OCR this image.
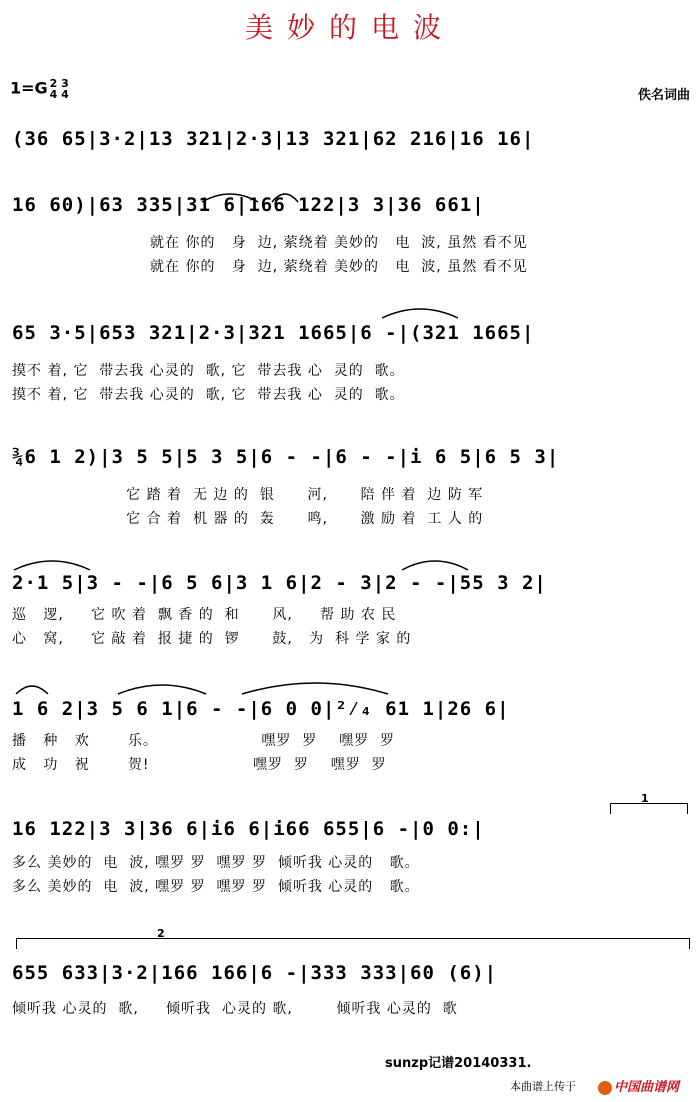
美妙的电波
1=G 2 3
4 4	佚名词曲
(36 65|3·2|13 321|2·3|13 321|62 216|16 16|
16 60)|63 335|31 6|166 122|3 3|36 661|
就在 你的   身  边, 萦绕着 美妙的   电  波, 虽然 看不见
就在 你的   身  边, 萦绕着 美妙的   电  波, 虽然 看不见
65 3·5|653 321|2·3|321 1665|6 -|(321 1665|
摸不 着, 它  带去我 心灵的  歌, 它  带去我 心  灵的  歌。
摸不 着, 它  带去我 心灵的  歌, 它  带去我 心  灵的  歌。
¾6 1 2)|3 5 5|5 3 5|6 - -|6 - -|i 6 5|6 5 3|
它 踏 着  无 边 的  银      河,      陪 伴 着  边 防 军
它 合 着  机 器 的  轰      鸣,      激 励 着  工 人 的
2·1 5|3 - -|6 5 6|3 1 6|2 - 3|2 - -|55 3 2|
巡   逻,     它 吹 着  飘 香 的  和      风,     帮 助 农 民
心   窝,     它 敲 着  报 捷 的  锣      鼓,   为  科 学 家 的
1 6 2|3 5 6 1|6 - -|6 0 0|²⁄₄ 61 1|26 6|
播   种   欢       乐。                   嘿罗  罗    嘿罗  罗
成   功   祝       贺!                   嘿罗  罗    嘿罗  罗
1
16 122|3 3|36 6|i6 6|i66 655|6 -|0 0:|
多么 美妙的  电  波, 嘿罗 罗  嘿罗 罗  倾听我 心灵的   歌。
多么 美妙的  电  波, 嘿罗 罗  嘿罗 罗  倾听我 心灵的   歌。
2
655 633|3·2|166 166|6 -|333 333|60 (6)|
倾听我 心灵的  歌,     倾听我  心灵的 歌,        倾听我 心灵的  歌
sunzp记谱20140331.
本曲谱上传于	中国曲谱网
